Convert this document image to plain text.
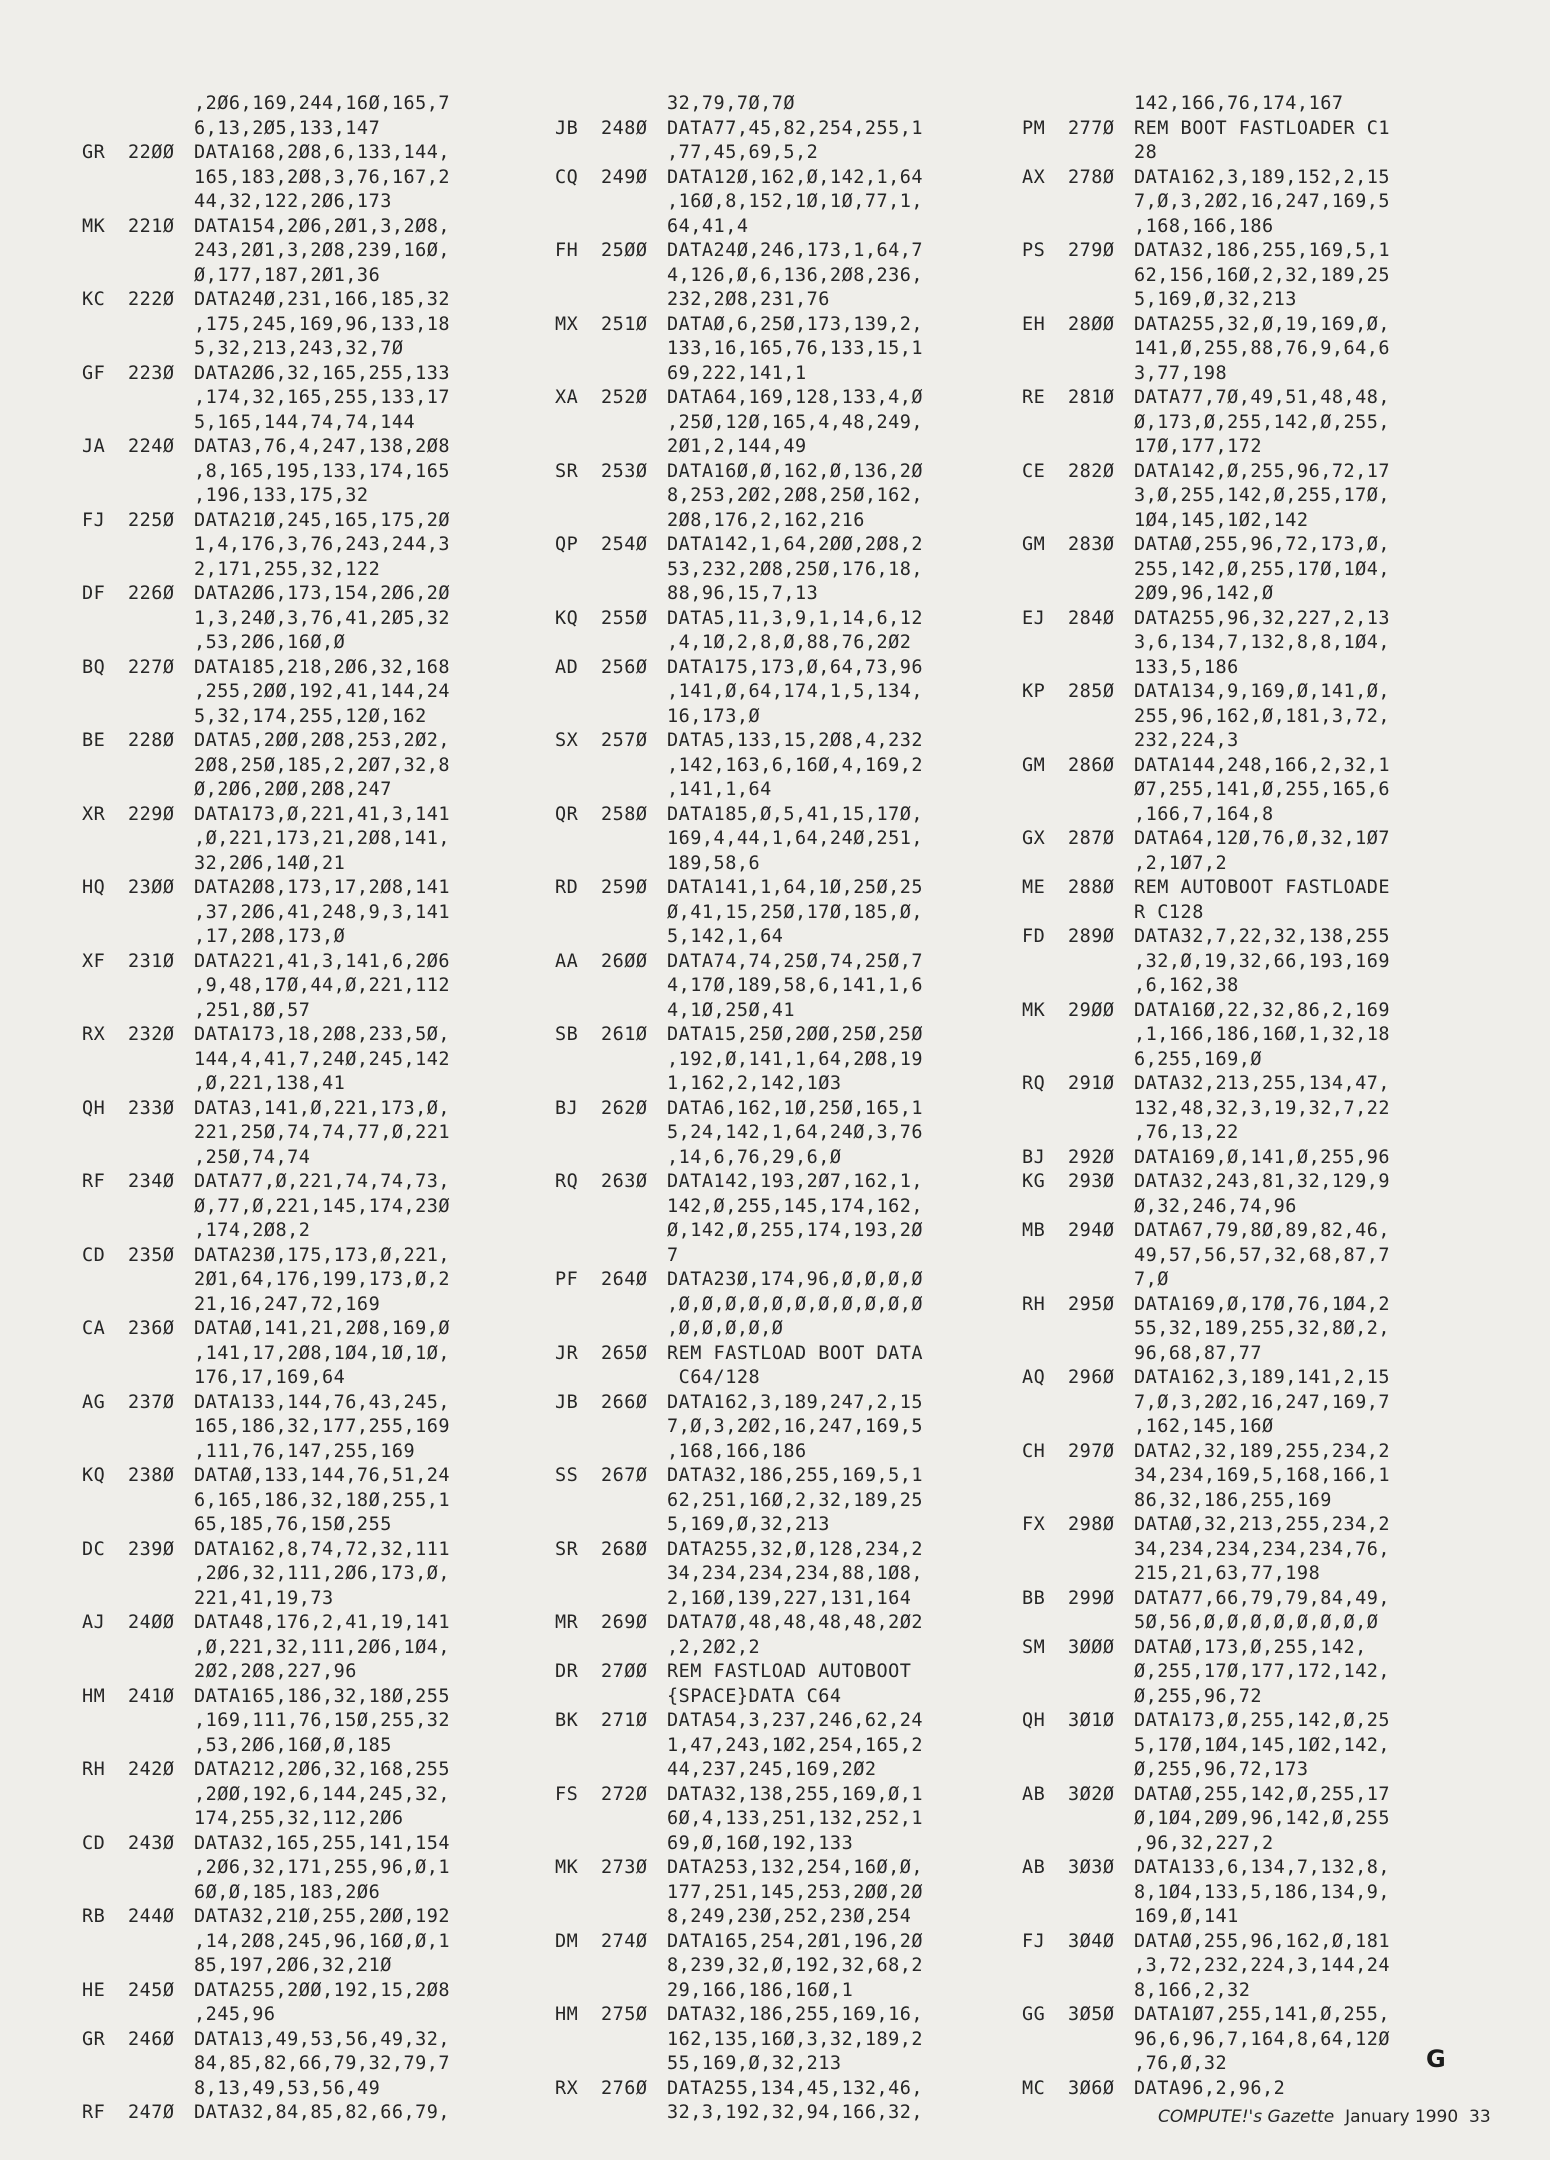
,2Ø6,169,244,16Ø,165,7
6,13,2Ø5,133,147
GR	22ØØ	DATA168,2Ø8,6,133,144,
165,183,2Ø8,3,76,167,2
44,32,122,2Ø6,173
MK	221Ø	DATA154,2Ø6,2Ø1,3,2Ø8,
243,2Ø1,3,2Ø8,239,16Ø,
Ø,177,187,2Ø1,36
KC	222Ø	DATA24Ø,231,166,185,32
,175,245,169,96,133,18
5,32,213,243,32,7Ø
GF	223Ø	DATA2Ø6,32,165,255,133
,174,32,165,255,133,17
5,165,144,74,74,144
JA	224Ø	DATA3,76,4,247,138,2Ø8
,8,165,195,133,174,165
,196,133,175,32
FJ	225Ø	DATA21Ø,245,165,175,2Ø
1,4,176,3,76,243,244,3
2,171,255,32,122
DF	226Ø	DATA2Ø6,173,154,2Ø6,2Ø
1,3,24Ø,3,76,41,2Ø5,32
,53,2Ø6,16Ø,Ø
BQ	227Ø	DATA185,218,2Ø6,32,168
,255,2ØØ,192,41,144,24
5,32,174,255,12Ø,162
BE	228Ø	DATA5,2ØØ,2Ø8,253,2Ø2,
2Ø8,25Ø,185,2,2Ø7,32,8
Ø,2Ø6,2ØØ,2Ø8,247
XR	229Ø	DATA173,Ø,221,41,3,141
,Ø,221,173,21,2Ø8,141,
32,2Ø6,14Ø,21
HQ	23ØØ	DATA2Ø8,173,17,2Ø8,141
,37,2Ø6,41,248,9,3,141
,17,2Ø8,173,Ø
XF	231Ø	DATA221,41,3,141,6,2Ø6
,9,48,17Ø,44,Ø,221,112
,251,8Ø,57
RX	232Ø	DATA173,18,2Ø8,233,5Ø,
144,4,41,7,24Ø,245,142
,Ø,221,138,41
QH	233Ø	DATA3,141,Ø,221,173,Ø,
221,25Ø,74,74,77,Ø,221
,25Ø,74,74
RF	234Ø	DATA77,Ø,221,74,74,73,
Ø,77,Ø,221,145,174,23Ø
,174,2Ø8,2
CD	235Ø	DATA23Ø,175,173,Ø,221,
2Ø1,64,176,199,173,Ø,2
21,16,247,72,169
CA	236Ø	DATAØ,141,21,2Ø8,169,Ø
,141,17,2Ø8,1Ø4,1Ø,1Ø,
176,17,169,64
AG	237Ø	DATA133,144,76,43,245,
165,186,32,177,255,169
,111,76,147,255,169
KQ	238Ø	DATAØ,133,144,76,51,24
6,165,186,32,18Ø,255,1
65,185,76,15Ø,255
DC	239Ø	DATA162,8,74,72,32,111
,2Ø6,32,111,2Ø6,173,Ø,
221,41,19,73
AJ	24ØØ	DATA48,176,2,41,19,141
,Ø,221,32,111,2Ø6,1Ø4,
2Ø2,2Ø8,227,96
HM	241Ø	DATA165,186,32,18Ø,255
,169,111,76,15Ø,255,32
,53,2Ø6,16Ø,Ø,185
RH	242Ø	DATA212,2Ø6,32,168,255
,2ØØ,192,6,144,245,32,
174,255,32,112,2Ø6
CD	243Ø	DATA32,165,255,141,154
,2Ø6,32,171,255,96,Ø,1
6Ø,Ø,185,183,2Ø6
RB	244Ø	DATA32,21Ø,255,2ØØ,192
,14,2Ø8,245,96,16Ø,Ø,1
85,197,2Ø6,32,21Ø
HE	245Ø	DATA255,2ØØ,192,15,2Ø8
,245,96
GR	246Ø	DATA13,49,53,56,49,32,
84,85,82,66,79,32,79,7
8,13,49,53,56,49
RF	247Ø	DATA32,84,85,82,66,79,
32,79,7Ø,7Ø
JB	248Ø	DATA77,45,82,254,255,1
,77,45,69,5,2
CQ	249Ø	DATA12Ø,162,Ø,142,1,64
,16Ø,8,152,1Ø,1Ø,77,1,
64,41,4
FH	25ØØ	DATA24Ø,246,173,1,64,7
4,126,Ø,6,136,2Ø8,236,
232,2Ø8,231,76
MX	251Ø	DATAØ,6,25Ø,173,139,2,
133,16,165,76,133,15,1
69,222,141,1
XA	252Ø	DATA64,169,128,133,4,Ø
,25Ø,12Ø,165,4,48,249,
2Ø1,2,144,49
SR	253Ø	DATA16Ø,Ø,162,Ø,136,2Ø
8,253,2Ø2,2Ø8,25Ø,162,
2Ø8,176,2,162,216
QP	254Ø	DATA142,1,64,2ØØ,2Ø8,2
53,232,2Ø8,25Ø,176,18,
88,96,15,7,13
KQ	255Ø	DATA5,11,3,9,1,14,6,12
,4,1Ø,2,8,Ø,88,76,2Ø2
AD	256Ø	DATA175,173,Ø,64,73,96
,141,Ø,64,174,1,5,134,
16,173,Ø
SX	257Ø	DATA5,133,15,2Ø8,4,232
,142,163,6,16Ø,4,169,2
,141,1,64
QR	258Ø	DATA185,Ø,5,41,15,17Ø,
169,4,44,1,64,24Ø,251,
189,58,6
RD	259Ø	DATA141,1,64,1Ø,25Ø,25
Ø,41,15,25Ø,17Ø,185,Ø,
5,142,1,64
AA	26ØØ	DATA74,74,25Ø,74,25Ø,7
4,17Ø,189,58,6,141,1,6
4,1Ø,25Ø,41
SB	261Ø	DATA15,25Ø,2ØØ,25Ø,25Ø
,192,Ø,141,1,64,2Ø8,19
1,162,2,142,1Ø3
BJ	262Ø	DATA6,162,1Ø,25Ø,165,1
5,24,142,1,64,24Ø,3,76
,14,6,76,29,6,Ø
RQ	263Ø	DATA142,193,2Ø7,162,1,
142,Ø,255,145,174,162,
Ø,142,Ø,255,174,193,2Ø
7
PF	264Ø	DATA23Ø,174,96,Ø,Ø,Ø,Ø
,Ø,Ø,Ø,Ø,Ø,Ø,Ø,Ø,Ø,Ø,Ø
,Ø,Ø,Ø,Ø,Ø
JR	265Ø	REM FASTLOAD BOOT DATA
C64/128
JB	266Ø	DATA162,3,189,247,2,15
7,Ø,3,2Ø2,16,247,169,5
,168,166,186
SS	267Ø	DATA32,186,255,169,5,1
62,251,16Ø,2,32,189,25
5,169,Ø,32,213
SR	268Ø	DATA255,32,Ø,128,234,2
34,234,234,234,88,1Ø8,
2,16Ø,139,227,131,164
MR	269Ø	DATA7Ø,48,48,48,48,2Ø2
,2,2Ø2,2
DR	27ØØ	REM FASTLOAD AUTOBOOT
{SPACE}DATA C64
BK	271Ø	DATA54,3,237,246,62,24
1,47,243,1Ø2,254,165,2
44,237,245,169,2Ø2
FS	272Ø	DATA32,138,255,169,Ø,1
6Ø,4,133,251,132,252,1
69,Ø,16Ø,192,133
MK	273Ø	DATA253,132,254,16Ø,Ø,
177,251,145,253,2ØØ,2Ø
8,249,23Ø,252,23Ø,254
DM	274Ø	DATA165,254,2Ø1,196,2Ø
8,239,32,Ø,192,32,68,2
29,166,186,16Ø,1
HM	275Ø	DATA32,186,255,169,16,
162,135,16Ø,3,32,189,2
55,169,Ø,32,213
RX	276Ø	DATA255,134,45,132,46,
32,3,192,32,94,166,32,
142,166,76,174,167
PM	277Ø	REM BOOT FASTLOADER C1
28
AX	278Ø	DATA162,3,189,152,2,15
7,Ø,3,2Ø2,16,247,169,5
,168,166,186
PS	279Ø	DATA32,186,255,169,5,1
62,156,16Ø,2,32,189,25
5,169,Ø,32,213
EH	28ØØ	DATA255,32,Ø,19,169,Ø,
141,Ø,255,88,76,9,64,6
3,77,198
RE	281Ø	DATA77,7Ø,49,51,48,48,
Ø,173,Ø,255,142,Ø,255,
17Ø,177,172
CE	282Ø	DATA142,Ø,255,96,72,17
3,Ø,255,142,Ø,255,17Ø,
1Ø4,145,1Ø2,142
GM	283Ø	DATAØ,255,96,72,173,Ø,
255,142,Ø,255,17Ø,1Ø4,
2Ø9,96,142,Ø
EJ	284Ø	DATA255,96,32,227,2,13
3,6,134,7,132,8,8,1Ø4,
133,5,186
KP	285Ø	DATA134,9,169,Ø,141,Ø,
255,96,162,Ø,181,3,72,
232,224,3
GM	286Ø	DATA144,248,166,2,32,1
Ø7,255,141,Ø,255,165,6
,166,7,164,8
GX	287Ø	DATA64,12Ø,76,Ø,32,1Ø7
,2,1Ø7,2
ME	288Ø	REM AUTOBOOT FASTLOADE
R C128
FD	289Ø	DATA32,7,22,32,138,255
,32,Ø,19,32,66,193,169
,6,162,38
MK	29ØØ	DATA16Ø,22,32,86,2,169
,1,166,186,16Ø,1,32,18
6,255,169,Ø
RQ	291Ø	DATA32,213,255,134,47,
132,48,32,3,19,32,7,22
,76,13,22
BJ	292Ø	DATA169,Ø,141,Ø,255,96
KG	293Ø	DATA32,243,81,32,129,9
Ø,32,246,74,96
MB	294Ø	DATA67,79,8Ø,89,82,46,
49,57,56,57,32,68,87,7
7,Ø
RH	295Ø	DATA169,Ø,17Ø,76,1Ø4,2
55,32,189,255,32,8Ø,2,
96,68,87,77
AQ	296Ø	DATA162,3,189,141,2,15
7,Ø,3,2Ø2,16,247,169,7
,162,145,16Ø
CH	297Ø	DATA2,32,189,255,234,2
34,234,169,5,168,166,1
86,32,186,255,169
FX	298Ø	DATAØ,32,213,255,234,2
34,234,234,234,234,76,
215,21,63,77,198
BB	299Ø	DATA77,66,79,79,84,49,
5Ø,56,Ø,Ø,Ø,Ø,Ø,Ø,Ø,Ø
SM	3ØØØ	DATAØ,173,Ø,255,142,
Ø,255,17Ø,177,172,142,
Ø,255,96,72
QH	3Ø1Ø	DATA173,Ø,255,142,Ø,25
5,17Ø,1Ø4,145,1Ø2,142,
Ø,255,96,72,173
AB	3Ø2Ø	DATAØ,255,142,Ø,255,17
Ø,1Ø4,2Ø9,96,142,Ø,255
,96,32,227,2
AB	3Ø3Ø	DATA133,6,134,7,132,8,
8,1Ø4,133,5,186,134,9,
169,Ø,141
FJ	3Ø4Ø	DATAØ,255,96,162,Ø,181
,3,72,232,224,3,144,24
8,166,2,32
GG	3Ø5Ø	DATA1Ø7,255,141,Ø,255,
96,6,96,7,164,8,64,12Ø
,76,Ø,32
MC	3Ø6Ø	DATA96,2,96,2
G
COMPUTE!'s Gazette January 1990 33
